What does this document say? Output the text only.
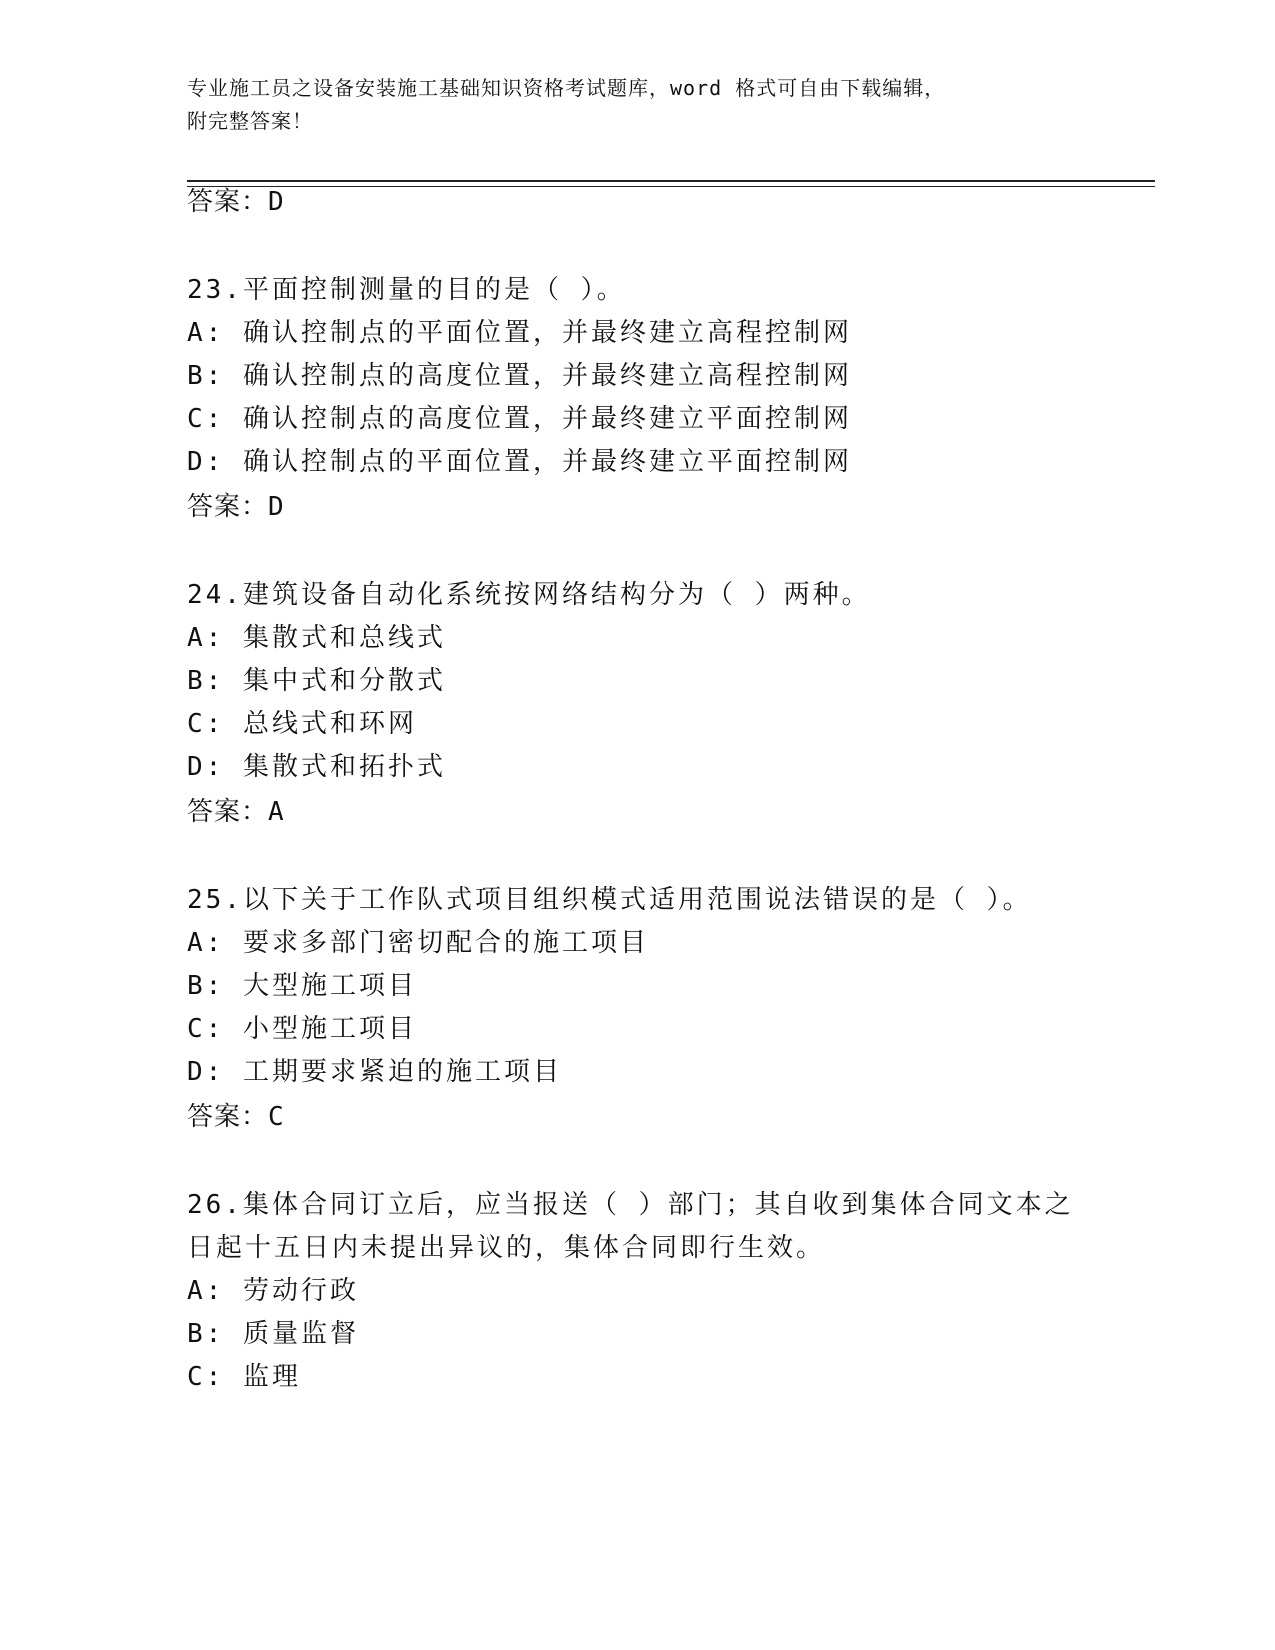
专业施工员之设备安装施工基础知识资格考试题库，word 格式可自由下载编辑，
附完整答案！
答案：D
23.平面控制测量的目的是（ ）。
A: 确认控制点的平面位置，并最终建立高程控制网
B: 确认控制点的高度位置，并最终建立高程控制网
C: 确认控制点的高度位置，并最终建立平面控制网
D: 确认控制点的平面位置，并最终建立平面控制网
答案：D
24.建筑设备自动化系统按网络结构分为（ ）两种。
A: 集散式和总线式
B: 集中式和分散式
C: 总线式和环网
D: 集散式和拓扑式
答案：A
25.以下关于工作队式项目组织模式适用范围说法错误的是（ ）。
A: 要求多部门密切配合的施工项目
B: 大型施工项目
C: 小型施工项目
D: 工期要求紧迫的施工项目
答案：C
26.集体合同订立后，应当报送（ ）部门；其自收到集体合同文本之
日起十五日内未提出异议的，集体合同即行生效。
A: 劳动行政
B: 质量监督
C: 监理
